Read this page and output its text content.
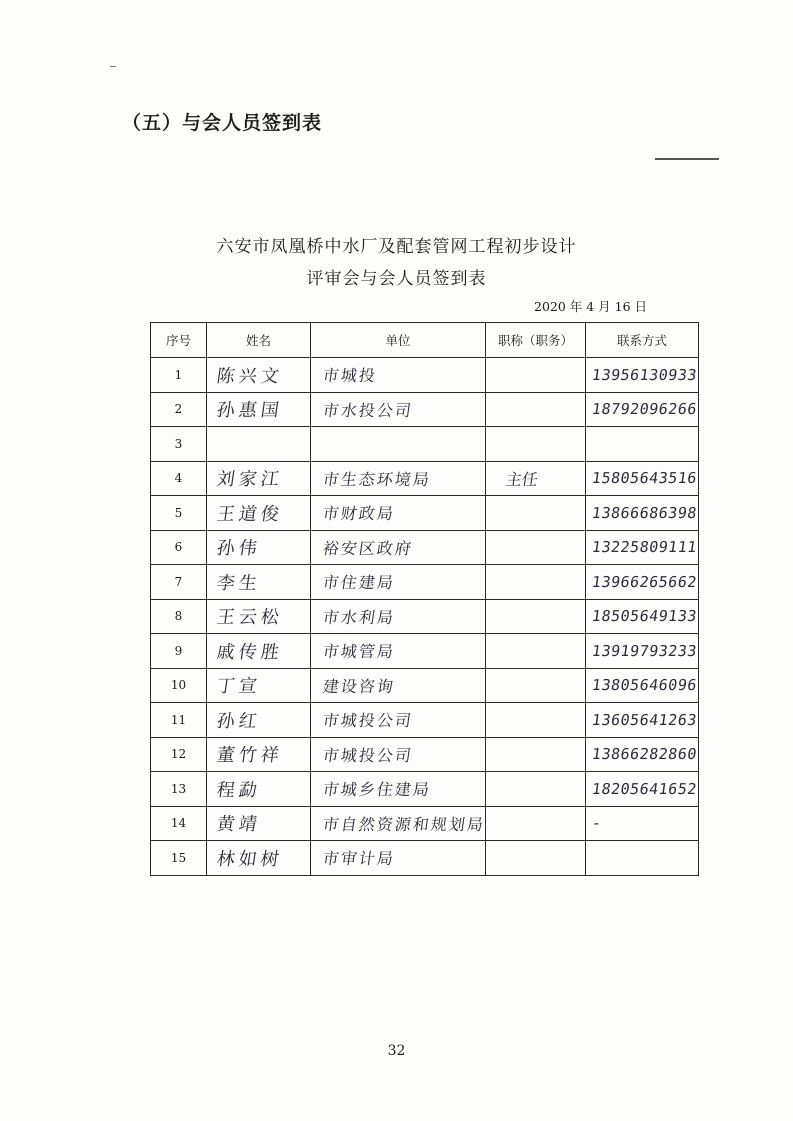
（五）与会人员签到表
六安市凤凰桥中水厂及配套管网工程初步设计
评审会与会人员签到表
2020 年 4 月 16 日
序号	姓名	单位	职称（职务）	联系方式
1	陈兴文	市城投		13956130933

2	孙惠国	市水投公司		18792096266

3	

4	刘家江	市生态环境局	主任	15805643516

5	王道俊	市财政局		13866686398

6	孙伟	裕安区政府		13225809111

7	李生	市住建局		13966265662

8	王云松	市水利局		18505649133

9	戚传胜	市城管局		13919793233

10	丁宣	建设咨询		13805646096

11	孙红	市城投公司		13605641263

12	董竹祥	市城投公司		13866282860

13	程勐	市城乡住建局		18205641652

14	黄靖	市自然资源和规划局		-

15	林如树	市审计局		

32
